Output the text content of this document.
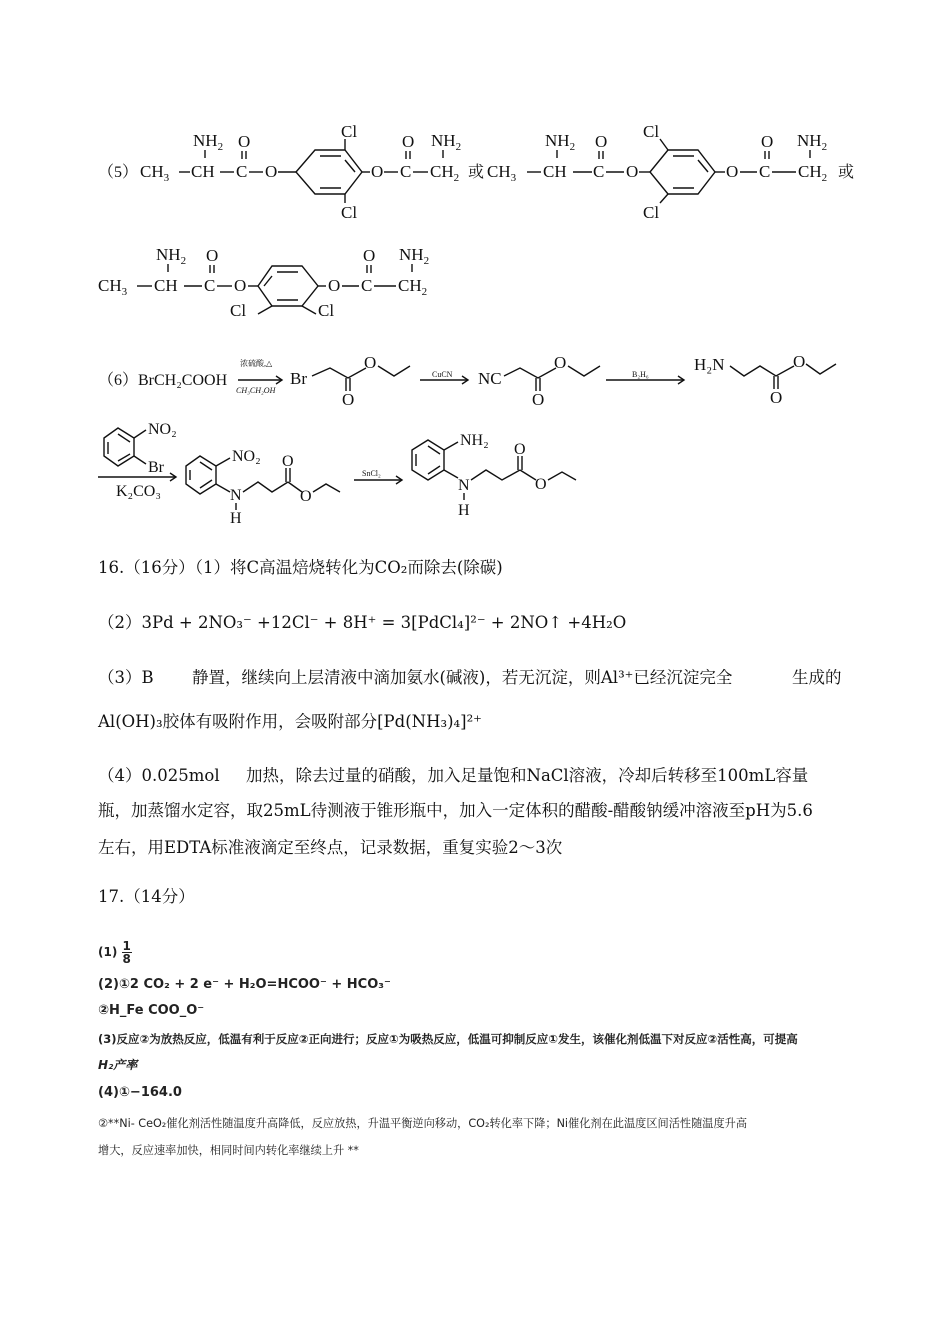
（5） $CH_3$ CH
$NH_2$
C
O
O
Cl
Cl
O C
O
$CH_2$
$NH_2$
或 $CH_3$ CH
$NH_2$
C
O
O
Cl
Cl
O C
O
$CH_2$
$NH_2$
或
$CH_3$ CH
$NH_2$
C
O
O
Cl	Cl
O C
O
$CH_2$
$NH_2$
（6）BrCH₂COOH
浓硫酸,△
CH₃CH₂OH
Br
O
O
CuCN NC
O
O
B₂H₆
H₂N
O
O
NO₂
Br
K₂CO₃
NO₂
N
H
O
O
SnCl₂
NH₂
N
H
O
O
16.（16分）（1）将C高温焙烧转化为CO₂而除去(除碳)
（2）3Pd + 2NO₃⁻ +12Cl⁻ + 8H⁺ = 3[PdCl₄]²⁻ + 2NO↑ +4H₂O
（3）B 静置，继续向上层清液中滴加氨水(碱液)，若无沉淀，则Al³⁺已经沉淀完全	生成的
Al(OH)₃胶体有吸附作用，会吸附部分[Pd(NH₃)₄]²⁺
（4）0.025mol 加热，除去过量的硝酸，加入足量饱和NaCl溶液，冷却后转移至100mL容量
瓶，加蒸馏水定容，取25mL待测液于锥形瓶中，加入一定体积的醋酸-醋酸钠缓冲溶液至pH为5.6
左右，用EDTA标准液滴定至终点，记录数据，重复实验2～3次
17.（14分）
$(1) \frac{1}{8}$
(2)①2 CO₂ + 2 e⁻ + H₂O=HCOO⁻ + HCO₃⁻
②H_Fe COO_O⁻
(3)反应②为放热反应，低温有利于反应②正向进行；反应①为吸热反应，低温可抑制反应①发生，该催化剂低温下对反应②活性高，可提高
H₂产率
(4)①−164.0
②**Ni- CeO₂催化剂活性随温度升高降低，反应放热，升温平衡逆向移动，CO₂转化率下降；Ni催化剂在此温度区间活性随温度升高
增大，反应速率加快，相同时间内转化率继续上升 **
